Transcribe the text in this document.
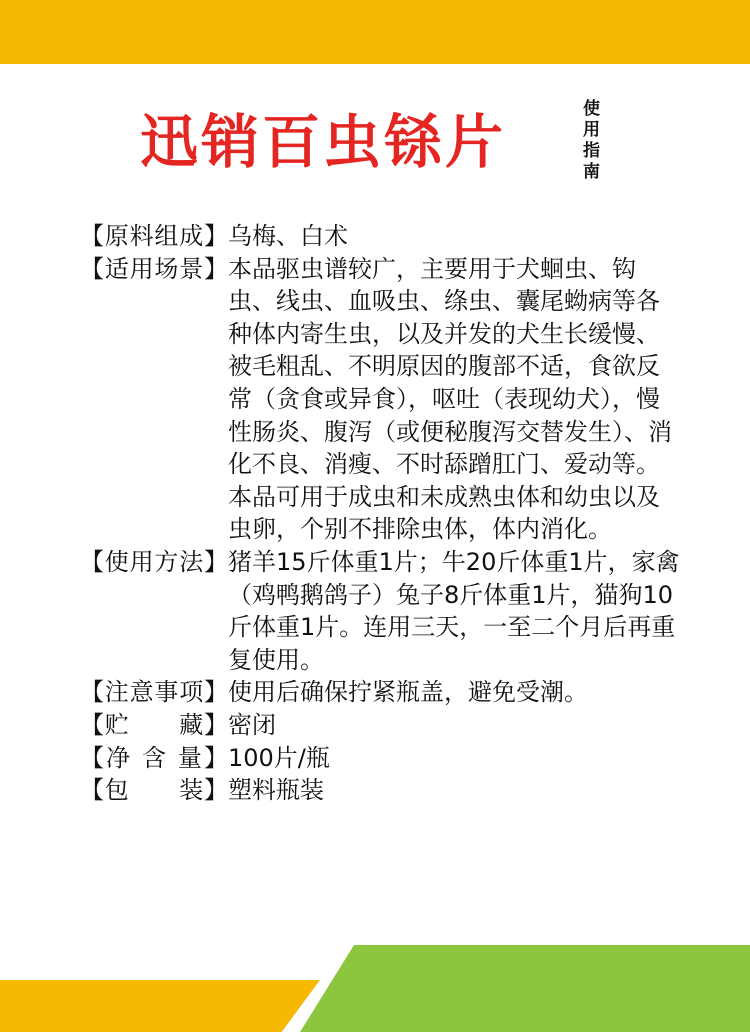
迅销百虫铩片	使用指南
【原料组成】 乌梅、白术
【适用场景】 本品驱虫谱较广，主要用于犬蛔虫、钩虫、线虫、血吸虫、绦虫、囊尾蚴病等各种体内寄生虫，以及并发的犬生长缓慢、被毛粗乱、不明原因的腹部不适，食欲反常（贪食或异食），呕吐（表现幼犬），慢性肠炎、腹泻（或便秘腹泻交替发生）、消化不良、消瘦、不时舔蹭肛门、爱动等。本品可用于成虫和未成熟虫体和幼虫以及虫卵，个别不排除虫体，体内消化。
【使用方法】 猪羊15斤体重1片；牛20斤体重1片，家禽（鸡鸭鹅鸽子）兔子8斤体重1片，猫狗10斤体重1片。连用三天，一至二个月后再重复使用。
【注意事项】 使用后确保拧紧瓶盖，避免受潮。
【贮　　藏】 密闭
【净 含 量】 100片/瓶
【包　　装】 塑料瓶装
